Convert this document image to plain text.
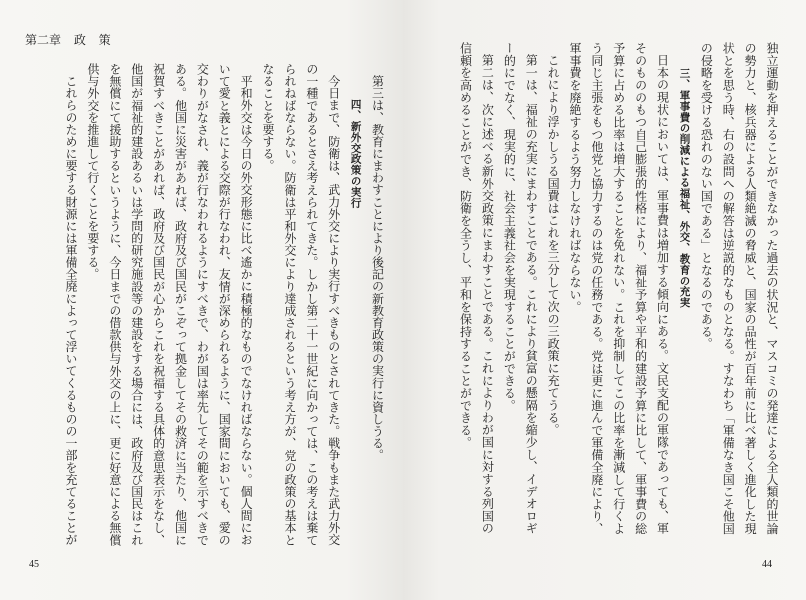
第二章 政 策
第三は、教育にまわすことにより後記の新教育政策の実行に資しうる。
四、新外交政策の実行
今日まで、防衛は、武力外交により実行すべきものとされてきた。戦争もまた武力外交
の一種であるとさえ考えられてきた。しかし第二十一世紀に向かっては、この考えは棄て
られねばならない。防衛は平和外交により達成されるという考え方が、党の政策の基本と
なることを要する。
平和外交は今日の外交形態に比べ遙かに積極的なものでなければならない。個人間にお
いて愛と義とによる交際が行なわれ、友情が深められるように、国家間においても、愛の
交わりがなされ、義が行なわれるようにすべきで、わが国は率先してその範を示すべきで
ある。他国に災害があれば、政府及び国民がこぞって拠金してその救済に当たり、他国に
祝賀すべきことがあれば、政府及び国民が心からこれを祝福する具体的意思表示をなし、
他国が福祉的建設あるいは学問的研究施設等の建設をする場合には、政府及び国民はこれ
を無償にて援助するというように、今日までの借款供与外交の上に、更に好意による無償
供与外交を推進して行くことを要する。
これらのために要する財源には軍備全廃によって浮いてくるものの一部を充てることが
45
独立運動を押えることができなかった過去の状況と、マスコミの発達による全人類的世論
の勢力と、核兵器による人類絶滅の脅威と、国家の品性が百年前に比べ著しく進化した現
状とを思う時、右の設問への解答は逆説的なものとなる。すなわち「軍備なき国こそ他国
の侵略を受ける恐れのない国である」となるのである。
三、軍事費の削減による福祉、外交、教育の充実
日本の現状においては、軍事費は増加する傾向にある。文民支配の軍隊であっても、軍
そのもののもつ自己膨張的性格により、福祉予算や平和的建設予算に比して、軍事費の総
予算に占める比率は増大することを免れない。これを抑制してこの比率を漸減して行くよ
う同じ主張をもつ他党と協力するのは党の任務である。党は更に進んで軍備全廃により、
軍事費を廃絶するよう努力しなければならない。
これにより浮かしうる国費はこれを三分して次の三政策に充てうる。
第一は、福祉の充実にまわすことである。これにより貧富の懸隔を縮少し、イデオロギ
ー的にでなく、現実的に、社会主義社会を実現することができる。
第二は、次に述べる新外交政策にまわすことである。これによりわが国に対する列国の
信頼を高めることができ、防衛を全うし、平和を保持することができる。
44
